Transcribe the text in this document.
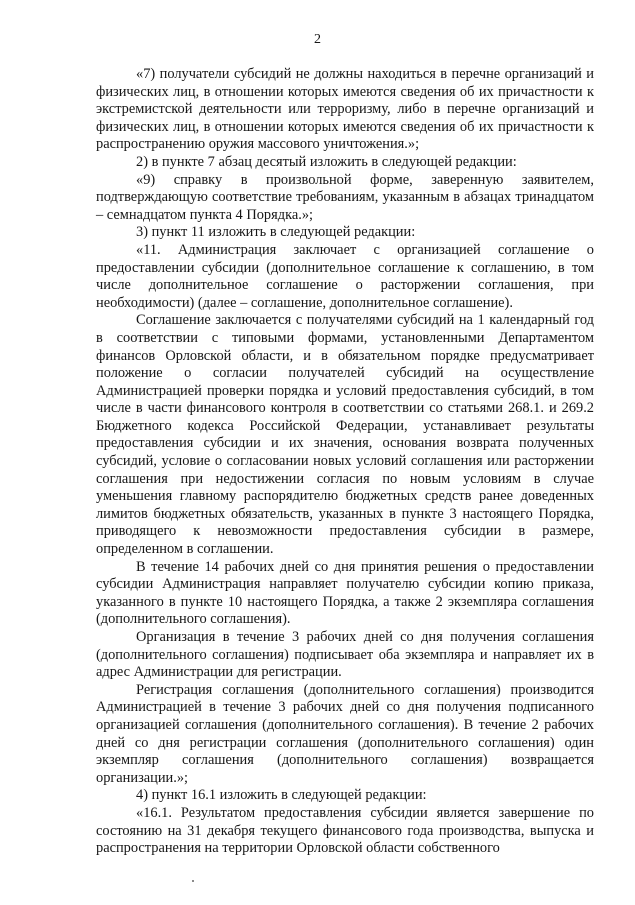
2

«7) получатели субсидий не должны находиться в перечне организаций и физических лиц, в отношении которых имеются сведения об их причастности к экстремистской деятельности или терроризму, либо в перечне организаций и физических лиц, в отношении которых имеются сведения об их причастности к распространению оружия массового уничтожения.»;

2) в пункте 7 абзац десятый изложить в следующей редакции:

«9) справку в произвольной форме, заверенную заявителем, подтверждающую соответствие требованиям, указанным в абзацах тринадцатом – семнадцатом пункта 4 Порядка.»;

3) пункт 11 изложить в следующей редакции:

«11. Администрация заключает с организацией соглашение о предоставлении субсидии (дополнительное соглашение к соглашению, в том числе дополнительное соглашение о расторжении соглашения, при необходимости) (далее – соглашение, дополнительное соглашение).

Соглашение заключается с получателями субсидий на 1 календарный год в соответствии с типовыми формами, установленными Департаментом финансов Орловской области, и в обязательном порядке предусматривает положение о согласии получателей субсидий на осуществление Администрацией проверки порядка и условий предоставления субсидий, в том числе в части финансового контроля в соответствии со статьями 268.1. и 269.2 Бюджетного кодекса Российской Федерации, устанавливает результаты предоставления субсидии и их значения, основания возврата полученных субсидий, условие о согласовании новых условий соглашения или расторжении соглашения при недостижении согласия по новым условиям в случае уменьшения главному распорядителю бюджетных средств ранее доведенных лимитов бюджетных обязательств, указанных в пункте 3 настоящего Порядка, приводящего к невозможности предоставления субсидии в размере, определенном в соглашении.

В течение 14 рабочих дней со дня принятия решения о предоставлении субсидии Администрация направляет получателю субсидии копию приказа, указанного в пункте 10 настоящего Порядка, а также 2 экземпляра соглашения (дополнительного соглашения).

Организация в течение 3 рабочих дней со дня получения соглашения (дополнительного соглашения) подписывает оба экземпляра и направляет их в адрес Администрации для регистрации.

Регистрация соглашения (дополнительного соглашения) производится Администрацией в течение 3 рабочих дней со дня получения подписанного организацией соглашения (дополнительного соглашения). В течение 2 рабочих дней со дня регистрации соглашения (дополнительного соглашения) один экземпляр соглашения (дополнительного соглашения) возвращается организации.»;

4) пункт 16.1 изложить в следующей редакции:

«16.1. Результатом предоставления субсидии является завершение по состоянию на 31 декабря текущего финансового года производства, выпуска и распространения на территории Орловской области собственного
